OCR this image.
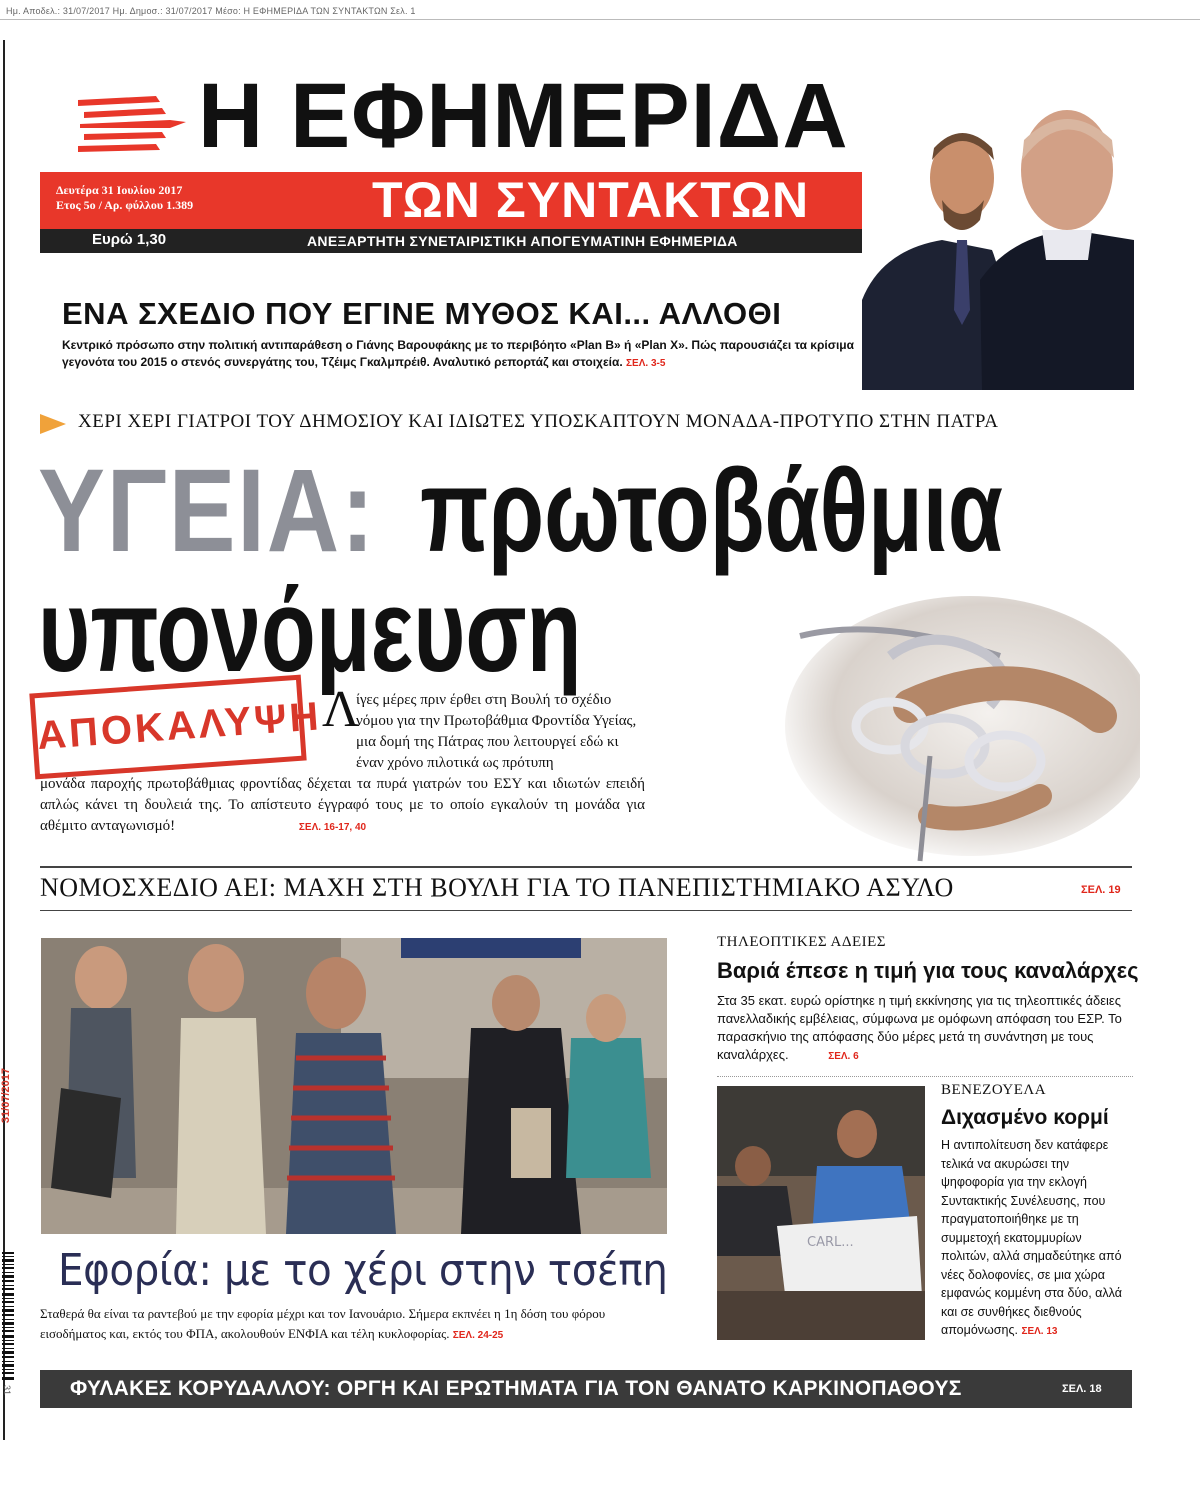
Ημ. Αποδελ.: 31/07/2017 Ημ. Δημοσ.: 31/07/2017 Μέσο: Η ΕΦΗΜΕΡΙΔΑ ΤΩΝ ΣΥΝΤΑΚΤΩΝ Σελ. 1
Η ΕΦΗΜΕΡΙΔΑ
ΤΩΝ ΣΥΝΤΑΚΤΩΝ
Δευτέρα 31 Ιουλίου 2017
Ετος 5ο / Αρ. φύλλου 1.389
Ευρώ 1,30	ΑΝΕΞΑΡΤΗΤΗ ΣΥΝΕΤΑΙΡΙΣΤΙΚΗ ΑΠΟΓΕΥΜΑΤΙΝΗ ΕΦΗΜΕΡΙΔΑ
ΕΝΑ ΣΧΕΔΙΟ ΠΟΥ ΕΓΙΝΕ ΜΥΘΟΣ ΚΑΙ... ΑΛΛΟΘΙ
Κεντρικό πρόσωπο στην πολιτική αντιπαράθεση ο Γιάνης Βαρουφάκης με το περιβόητο «Plan B» ή «Plan X». Πώς παρουσιάζει τα κρίσιμα γεγονότα του 2015 ο στενός συνεργάτης του, Τζέιμς Γκαλμπρέιθ. Αναλυτικό ρεπορτάζ και στοιχεία. ΣΕΛ. 3-5
ΧΕΡΙ ΧΕΡΙ ΓΙΑΤΡΟΙ ΤΟΥ ΔΗΜΟΣΙΟΥ ΚΑΙ ΙΔΙΩΤΕΣ ΥΠΟΣΚΑΠΤΟΥΝ ΜΟΝΑΔΑ-ΠΡΟΤΥΠΟ ΣΤΗΝ ΠΑΤΡΑ
ΥΓΕΙΑ: πρωτοβάθμια
υπονόμευση
ΑΠΟΚΑΛΥΨΗ Λ
ίγες μέρες πριν έρθει στη Βουλή το σχέδιο νόμου για την Πρωτοβάθμια Φροντίδα Υγείας, μια δομή της Πάτρας που λειτουργεί εδώ κι έναν χρόνο πιλοτικά ως πρότυπη
μονάδα παροχής πρωτοβάθμιας φροντίδας δέχεται τα πυρά γιατρών του ΕΣΥ και ιδιωτών επειδή απλώς κάνει τη δουλειά της. Το απίστευτο έγγραφό τους με το οποίο εγκαλούν τη μονάδα για αθέμιτο ανταγωνισμό!	ΣΕΛ. 16-17, 40
ΝΟΜΟΣΧΕΔΙΟ ΑΕΙ: ΜΑΧΗ ΣΤΗ ΒΟΥΛΗ ΓΙΑ ΤΟ ΠΑΝΕΠΙΣΤΗΜΙΑΚΟ ΑΣΥΛΟ	ΣΕΛ. 19
Εφορία: με το χέρι στην τσέπη
Σταθερά θα είναι τα ραντεβού με την εφορία μέχρι και τον Ιανουάριο. Σήμερα εκπνέει η 1η δόση του φόρου εισοδήματος και, εκτός του ΦΠΑ, ακολουθούν ΕΝΦΙΑ και τέλη κυκλοφορίας. ΣΕΛ. 24-25
ΤΗΛΕΟΠΤΙΚΕΣ ΑΔΕΙΕΣ
Βαριά έπεσε η τιμή για τους καναλάρχες
Στα 35 εκατ. ευρώ ορίστηκε η τιμή εκκίνησης για τις τηλεοπτικές άδειες πανελλαδικής εμβέλειας, σύμφωνα με ομόφωνη απόφαση του ΕΣΡ. Το παρασκήνιο της απόφασης δύο μέρες μετά τη συνάντηση με τους καναλάρχες.	ΣΕΛ. 6
CARL...
ΒΕΝΕΖΟΥΕΛΑ
Διχασμένο κορμί
Η αντιπολίτευση δεν κατάφερε τελικά να ακυρώσει την ψηφοφορία για την εκλογή Συντακτικής Συνέλευσης, που πραγματοποιήθηκε με τη συμμετοχή εκατομμυρίων πολιτών, αλλά σημαδεύτηκε από νέες δολοφονίες, σε μια χώρα εμφανώς κομμένη στα δύο, αλλά και σε συνθήκες διεθνούς απομόνωσης. ΣΕΛ. 13
ΦΥΛΑΚΕΣ ΚΟΡΥΔΑΛΛΟΥ: ΟΡΓΗ ΚΑΙ ΕΡΩΤΗΜΑΤΑ ΓΙΑ ΤΟΝ ΘΑΝΑΤΟ ΚΑΡΚΙΝΟΠΑΘΟΥΣ	ΣΕΛ. 18
31/07/2017
31
